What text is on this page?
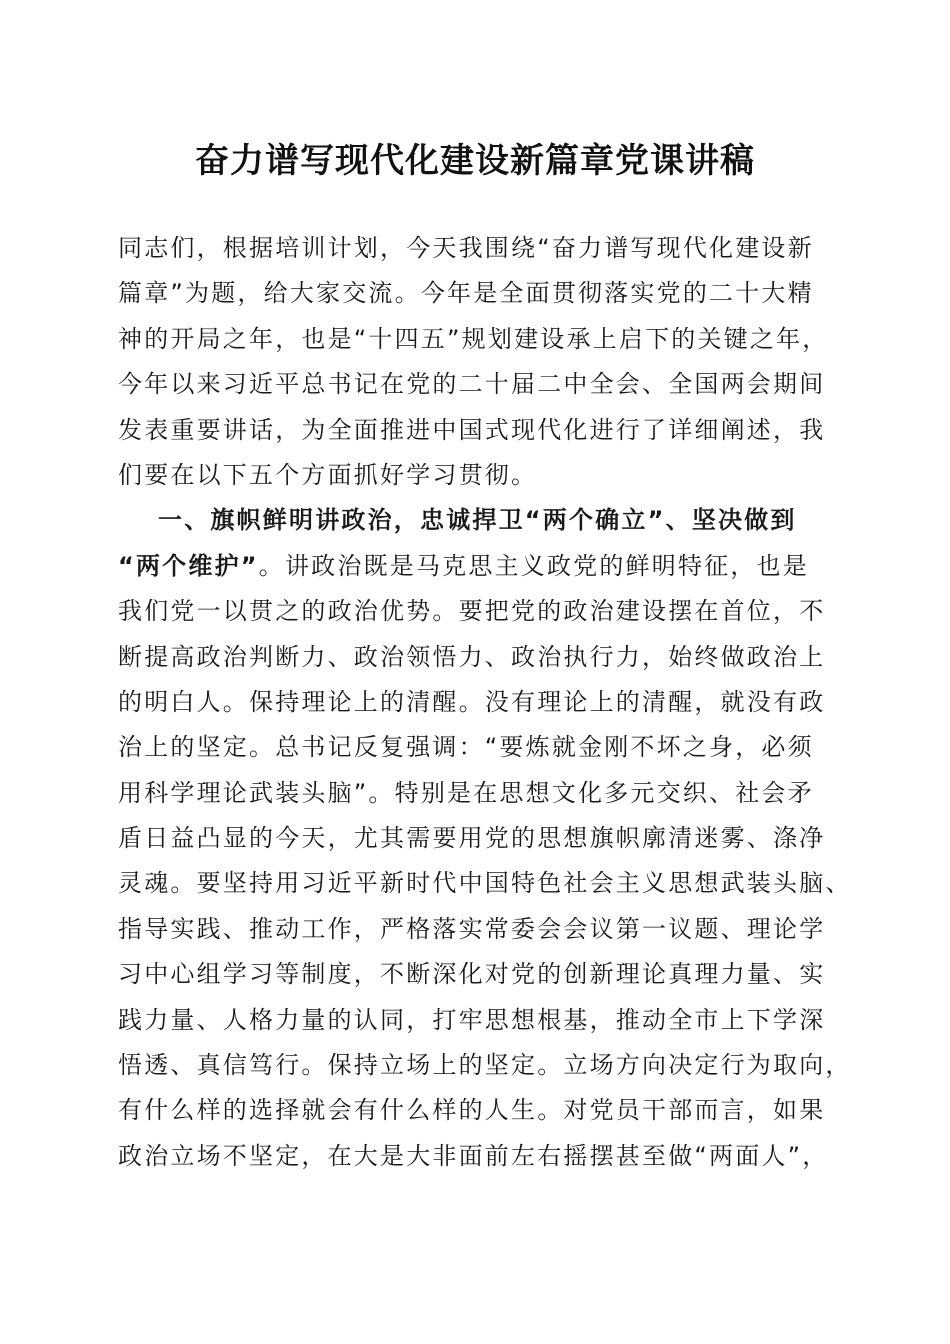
奋力谱写现代化建设新篇章党课讲稿
同志们，根据培训计划，今天我围绕“奋力谱写现代化建设新
篇章”为题，给大家交流。今年是全面贯彻落实党的二十大精
神的开局之年，也是“十四五”规划建设承上启下的关键之年，
今年以来习近平总书记在党的二十届二中全会、全国两会期间
发表重要讲话，为全面推进中国式现代化进行了详细阐述，我
们要在以下五个方面抓好学习贯彻。
一、旗帜鲜明讲政治，忠诚捍卫“两个确立”、坚决做到
“两个维护”。讲政治既是马克思主义政党的鲜明特征，也是
我们党一以贯之的政治优势。要把党的政治建设摆在首位，不
断提高政治判断力、政治领悟力、政治执行力，始终做政治上
的明白人。保持理论上的清醒。没有理论上的清醒，就没有政
治上的坚定。总书记反复强调：“要炼就金刚不坏之身，必须
用科学理论武装头脑”。特别是在思想文化多元交织、社会矛
盾日益凸显的今天，尤其需要用党的思想旗帜廓清迷雾、涤净
灵魂。要坚持用习近平新时代中国特色社会主义思想武装头脑、
指导实践、推动工作，严格落实常委会会议第一议题、理论学
习中心组学习等制度，不断深化对党的创新理论真理力量、实
践力量、人格力量的认同，打牢思想根基，推动全市上下学深
悟透、真信笃行。保持立场上的坚定。立场方向决定行为取向，
有什么样的选择就会有什么样的人生。对党员干部而言，如果
政治立场不坚定，在大是大非面前左右摇摆甚至做“两面人”，
